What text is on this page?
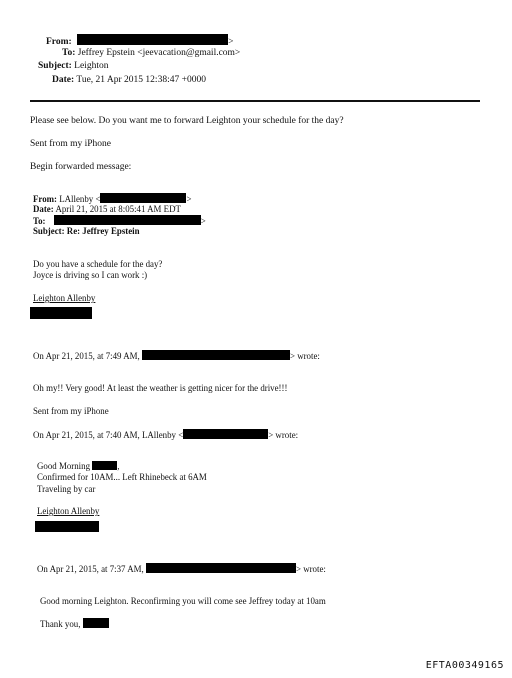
From:	>
To: Jeffrey Epstein <jeevacation@gmail.com>
Subject: Leighton
Date: Tue, 21 Apr 2015 12:38:47 +0000
Please see below. Do you want me to forward Leighton your schedule for the day?
Sent from my iPhone
Begin forwarded message:
From: LAllenby <	>
Date: April 21, 2015 at 8:05:41 AM EDT
To:	>
Subject: Re: Jeffrey Epstein
Do you have a schedule for the day?
Joyce is driving so I can work :)
Leighton Allenby
On Apr 21, 2015, at 7:49 AM,	> wrote:
Oh my!! Very good! At least the weather is getting nicer for the drive!!!
Sent from my iPhone
On Apr 21, 2015, at 7:40 AM, LAllenby <	> wrote:
Good Morning	,
Confirmed for 10AM... Left Rhinebeck at 6AM
Traveling by car
Leighton Allenby
On Apr 21, 2015, at 7:37 AM,	> wrote:
Good morning Leighton. Reconfirming you will come see Jeffrey today at 10am
Thank you,
EFTA00349165
